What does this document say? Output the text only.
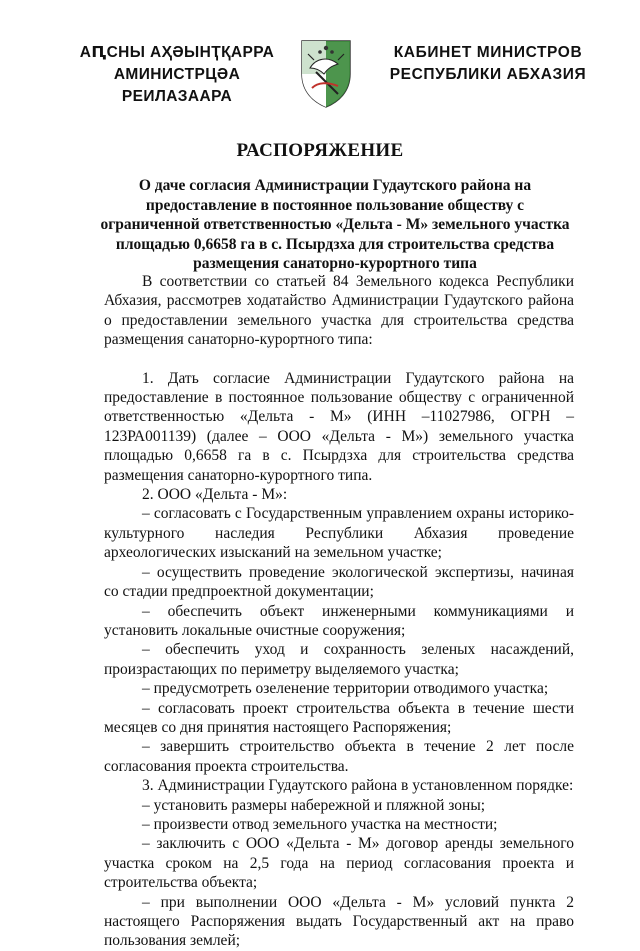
АԤСНЫ АҲӘЫНҬҚАРРА
АМИНИСТРЦӘА РЕИЛАЗААРА
КАБИНЕТ МИНИСТРОВ
РЕСПУБЛИКИ АБХАЗИЯ
РАСПОРЯЖЕНИЕ
О даче согласия Администрации Гудаутского района на предоставление в постоянное пользование обществу с ограниченной ответственностью «Дельта - М» земельного участка площадью 0,6658 га в с. Псырдзха для строительства средства размещения санаторно-курортного типа

В соответствии со статьей 84 Земельного кодекса Республики Абхазия, рассмотрев ходатайство Администрации Гудаутского района о предоставлении земельного участка для строительства средства размещения санаторно-курортного типа:

1. Дать согласие Администрации Гудаутского района на предоставление в постоянное пользование обществу с ограниченной ответственностью «Дельта - М» (ИНН –11027986, ОГРН – 123РА001139) (далее – ООО «Дельта - М») земельного участка площадью 0,6658 га в с. Псырдзха для строительства средства размещения санаторно-курортного типа.

2. ООО «Дельта - М»:

– согласовать с Государственным управлением охраны историко-культурного наследия Республики Абхазия проведение археологических изысканий на земельном участке;

– осуществить проведение экологической экспертизы, начиная со стадии предпроектной документации;

– обеспечить объект инженерными коммуникациями и установить локальные очистные сооружения;

– обеспечить уход и сохранность зеленых насаждений, произрастающих по периметру выделяемого участка;

– предусмотреть озеленение территории отводимого участка;

– согласовать проект строительства объекта в течение шести месяцев со дня принятия настоящего Распоряжения;

– завершить строительство объекта в течение 2 лет после согласования проекта строительства.

3. Администрации Гудаутского района в установленном порядке:

– установить размеры набережной и пляжной зоны;

– произвести отвод земельного участка на местности;

– заключить с ООО «Дельта - М» договор аренды земельного участка сроком на 2,5 года на период согласования проекта и строительства объекта;

– при выполнении ООО «Дельта - М» условий пункта 2 настоящего Распоряжения выдать Государственный акт на право пользования землей;
